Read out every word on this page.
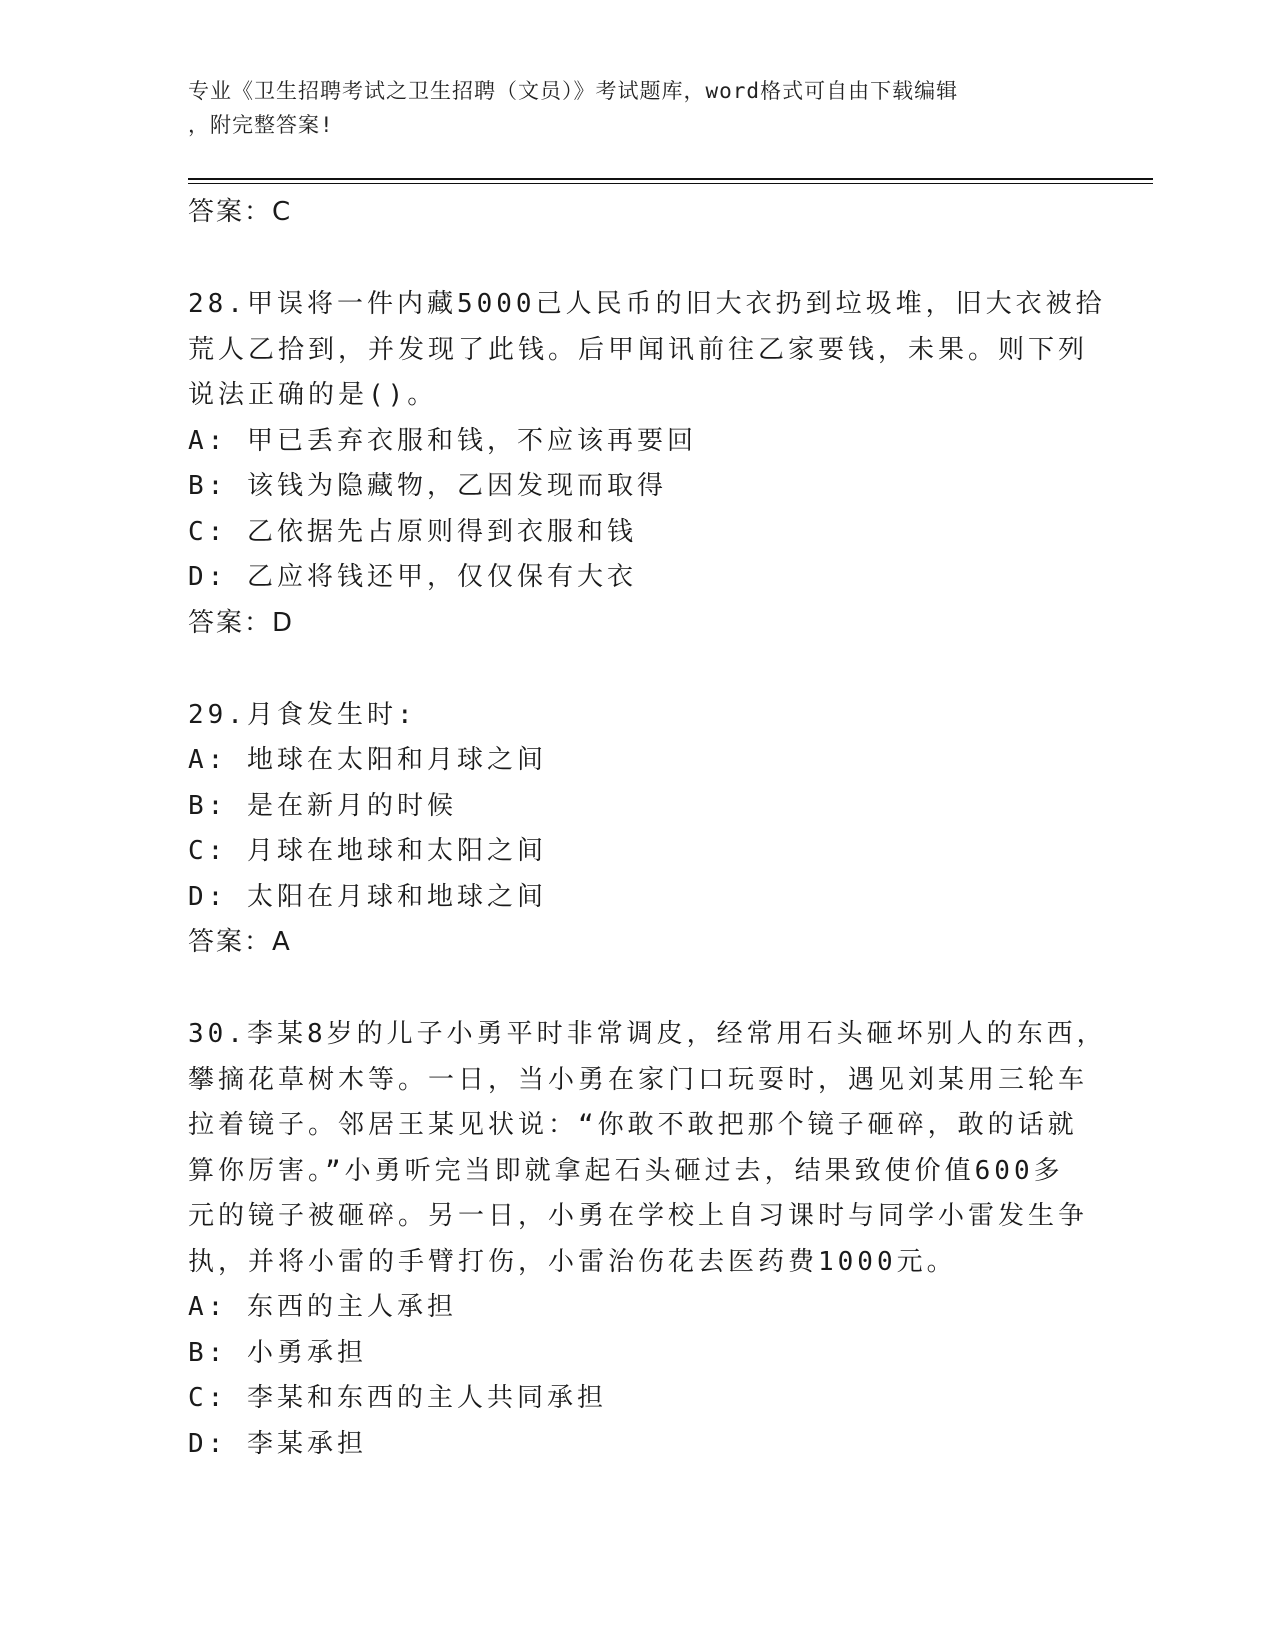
专业《卫生招聘考试之卫生招聘（文员）》考试题库，word格式可自由下载编辑
，附完整答案!
答案：C
28.甲误将一件内藏5000己人民币的旧大衣扔到垃圾堆，旧大衣被拾
荒人乙拾到，并发现了此钱。后甲闻讯前往乙家要钱，未果。则下列
说法正确的是()。
A: 甲已丢弃衣服和钱，不应该再要回
B: 该钱为隐藏物，乙因发现而取得
C: 乙依据先占原则得到衣服和钱
D: 乙应将钱还甲，仅仅保有大衣
答案：D
29.月食发生时:
A: 地球在太阳和月球之间
B: 是在新月的时候
C: 月球在地球和太阳之间
D: 太阳在月球和地球之间
答案：A
30.李某8岁的儿子小勇平时非常调皮，经常用石头砸坏别人的东西，
攀摘花草树木等。一日，当小勇在家门口玩耍时，遇见刘某用三轮车
拉着镜子。邻居王某见状说：“你敢不敢把那个镜子砸碎，敢的话就
算你厉害。”小勇听完当即就拿起石头砸过去，结果致使价值600多
元的镜子被砸碎。另一日，小勇在学校上自习课时与同学小雷发生争
执，并将小雷的手臂打伤，小雷治伤花去医药费1000元。
A: 东西的主人承担
B: 小勇承担
C: 李某和东西的主人共同承担
D: 李某承担
